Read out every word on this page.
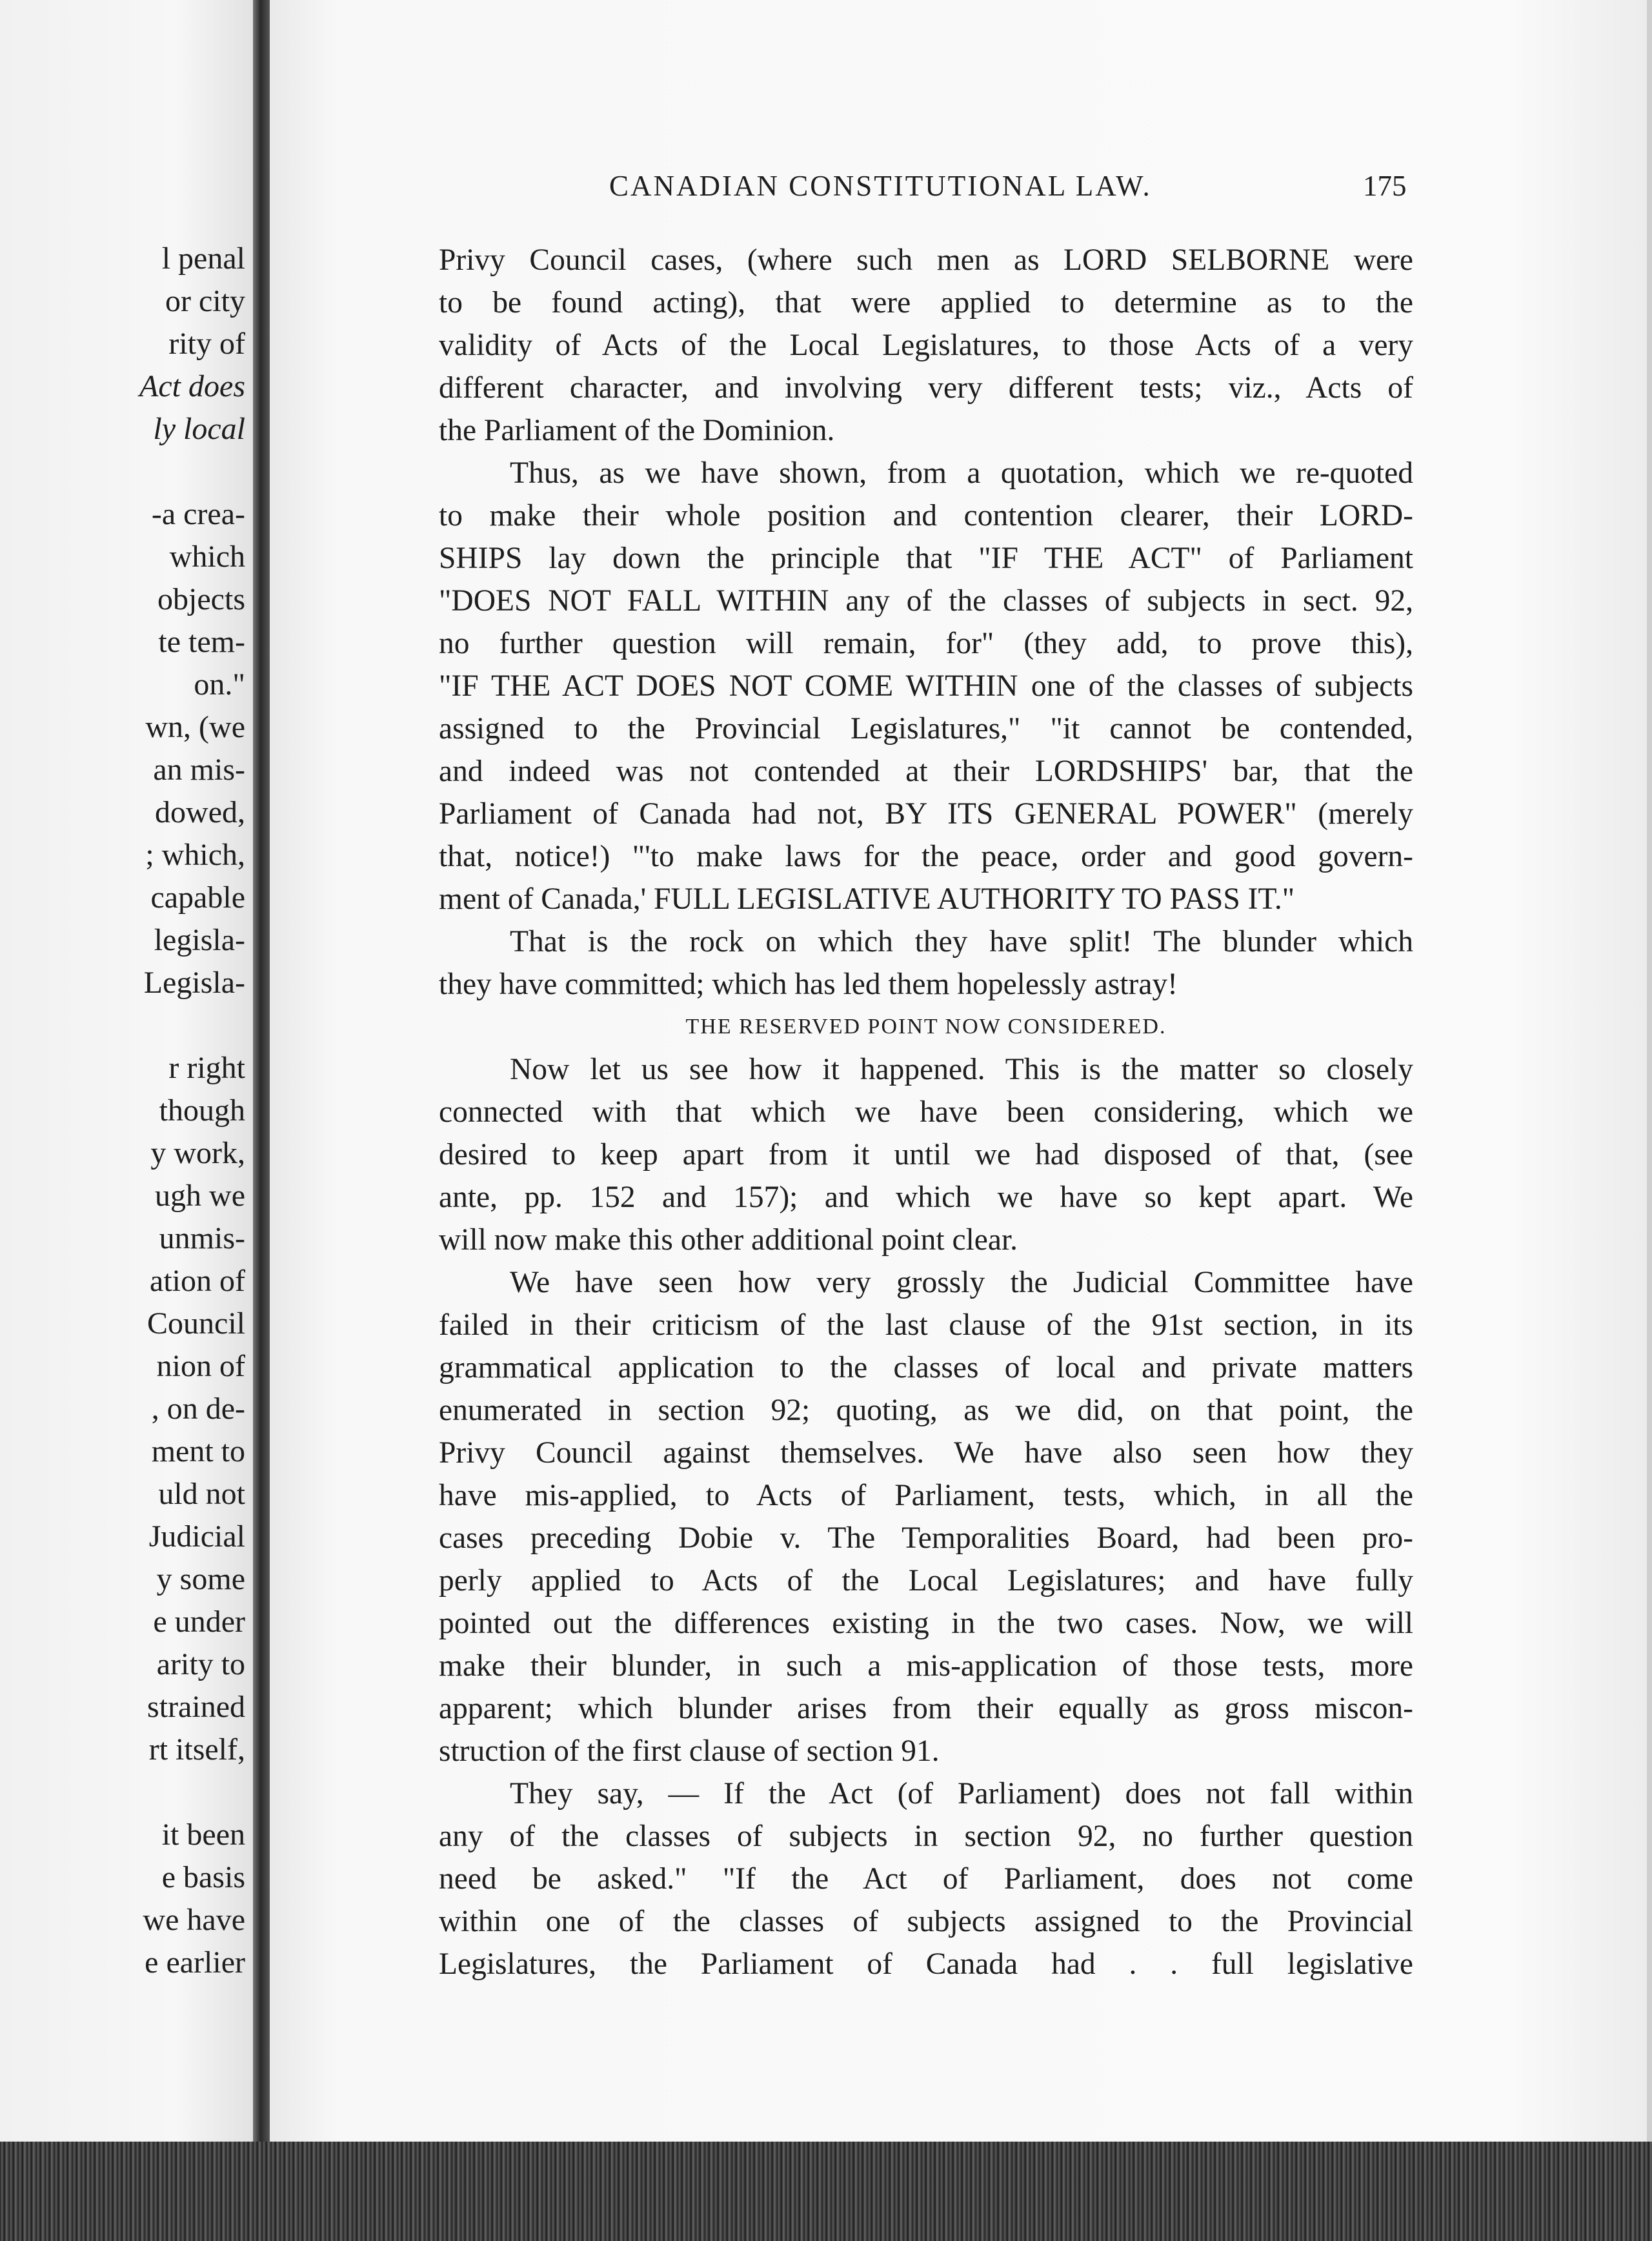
l penal
or city
rity of
Act does
ly local
-a crea-
which
objects
te tem-
on."
wn, (we
an mis-
dowed,
; which,
capable
legisla-
Legisla-
r right
though
y work,
ugh we
unmis-
ation of
Council
nion of
, on de-
ment to
uld not
Judicial
y some
e under
arity to
strained
rt itself,
it been
e basis
we have
e earlier
CANADIAN CONSTITUTIONAL LAW.	175
Privy Council cases, (where such men as LORD SELBORNE were
to be found acting), that were applied to determine as to the
validity of Acts of the Local Legislatures, to those Acts of a very
different character, and involving very different tests; viz., Acts of
the Parliament of the Dominion.
Thus, as we have shown, from a quotation, which we re-quoted
to make their whole position and contention clearer, their LORD-
SHIPS lay down the principle that "IF THE ACT" of Parliament
"DOES NOT FALL WITHIN any of the classes of subjects in sect. 92,
no further question will remain, for" (they add, to prove this),
"IF THE ACT DOES NOT COME WITHIN one of the classes of subjects
assigned to the Provincial Legislatures," "it cannot be contended,
and indeed was not contended at their LORDSHIPS' bar, that the
Parliament of Canada had not, BY ITS GENERAL POWER" (merely
that, notice!) "'to make laws for the peace, order and good govern-
ment of Canada,' FULL LEGISLATIVE AUTHORITY TO PASS IT."
That is the rock on which they have split! The blunder which
they have committed; which has led them hopelessly astray!
THE RESERVED POINT NOW CONSIDERED.
Now let us see how it happened. This is the matter so closely
connected with that which we have been considering, which we
desired to keep apart from it until we had disposed of that, (see
ante, pp. 152 and 157); and which we have so kept apart. We
will now make this other additional point clear.
We have seen how very grossly the Judicial Committee have
failed in their criticism of the last clause of the 91st section, in its
grammatical application to the classes of local and private matters
enumerated in section 92; quoting, as we did, on that point, the
Privy Council against themselves. We have also seen how they
have mis-applied, to Acts of Parliament, tests, which, in all the
cases preceding Dobie v. The Temporalities Board, had been pro-
perly applied to Acts of the Local Legislatures; and have fully
pointed out the differences existing in the two cases. Now, we will
make their blunder, in such a mis-application of those tests, more
apparent; which blunder arises from their equally as gross miscon-
struction of the first clause of section 91.
They say, — If the Act (of Parliament) does not fall within
any of the classes of subjects in section 92, no further question
need be asked." "If the Act of Parliament, does not come
within one of the classes of subjects assigned to the Provincial
Legislatures, the Parliament of Canada had . . full legislative
